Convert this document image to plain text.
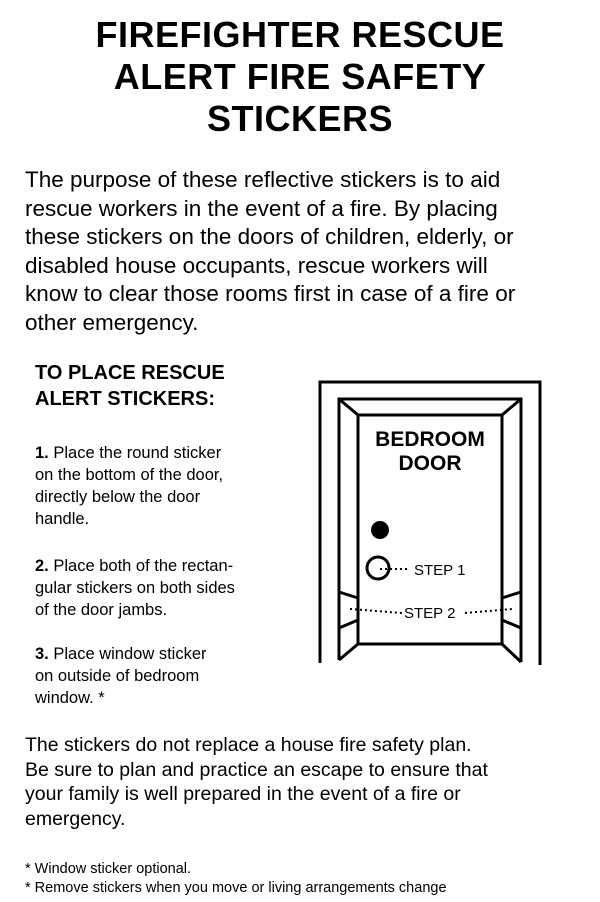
FIREFIGHTER RESCUE
ALERT FIRE SAFETY
STICKERS
The purpose of these reflective stickers is to aid
rescue workers in the event of a fire. By placing
these stickers on the doors of children, elderly, or
disabled house occupants, rescue workers will
know to clear those rooms first in case of a fire or
other emergency.
TO PLACE RESCUE
ALERT STICKERS:
1. Place the round sticker
on the bottom of the door,
directly below the door
handle.
2. Place both of the rectan-
gular stickers on both sides
of the door jambs.
3. Place window sticker
on outside of bedroom
window. *
BEDROOM
DOOR
STEP 1
STEP 2
The stickers do not replace a house fire safety plan.
Be sure to plan and practice an escape to ensure that
your family is well prepared in the event of a fire or
emergency.
* Window sticker optional.
* Remove stickers when you move or living arrangements change
